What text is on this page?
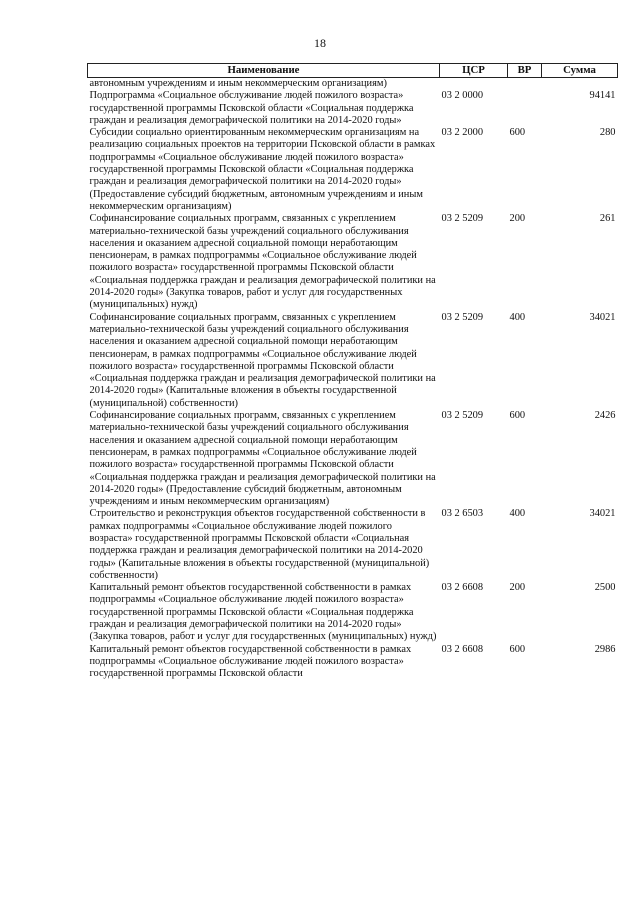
18
Наименование	ЦСР	ВР	Сумма
автономным учреждениям и иным некоммерческим организациям)			
Подпрограмма «Социальное обслуживание людей пожилого возраста» государственной программы Псковской области «Социальная поддержка граждан и реализация демографической политики на 2014-2020 годы»	03 2 0000		94141
Субсидии социально ориентированным некоммерческим организациям на реализацию социальных проектов на территории Псковской области в рамках подпрограммы «Социальное обслуживание людей пожилого возраста» государственной программы Псковской области «Социальная поддержка граждан и реализация демографической политики на 2014-2020 годы» (Предоставление субсидий бюджетным, автономным учреждениям и иным некоммерческим организациям)	03 2 2000	600	280
Софинансирование социальных программ, связанных с укреплением материально-технической базы учреждений социального обслуживания населения и оказанием адресной социальной помощи неработающим пенсионерам, в рамках подпрограммы «Социальное обслуживание людей пожилого возраста» государственной программы Псковской области «Социальная поддержка граждан и реализация демографической политики на 2014-2020 годы» (Закупка товаров, работ и услуг для государственных (муниципальных) нужд)	03 2 5209	200	261
Софинансирование социальных программ, связанных с укреплением материально-технической базы учреждений социального обслуживания населения и оказанием адресной социальной помощи неработающим пенсионерам, в рамках подпрограммы «Социальное обслуживание людей пожилого возраста» государственной программы Псковской области «Социальная поддержка граждан и реализация демографической политики на 2014-2020 годы» (Капитальные вложения в объекты государственной (муниципальной) собственности)	03 2 5209	400	34021
Софинансирование социальных программ, связанных с укреплением материально-технической базы учреждений социального обслуживания населения и оказанием адресной социальной помощи неработающим пенсионерам, в рамках подпрограммы «Социальное обслуживание людей пожилого возраста» государственной программы Псковской области «Социальная поддержка граждан и реализация демографической политики на 2014-2020 годы» (Предоставление субсидий бюджетным, автономным учреждениям и иным некоммерческим организациям)	03 2 5209	600	2426
Строительство и реконструкция объектов государственной собственности в рамках подпрограммы «Социальное обслуживание людей пожилого возраста» государственной программы Псковской области «Социальная поддержка граждан и реализация демографической политики на 2014-2020 годы» (Капитальные вложения в объекты государственной (муниципальной) собственности)	03 2 6503	400	34021
Капитальный ремонт объектов государственной собственности в рамках подпрограммы «Социальное обслуживание людей пожилого возраста» государственной программы Псковской области «Социальная поддержка граждан и реализация демографической политики на 2014-2020 годы» (Закупка товаров, работ и услуг для государственных (муниципальных) нужд)	03 2 6608	200	2500
Капитальный ремонт объектов государственной собственности в рамках подпрограммы «Социальное обслуживание людей пожилого возраста» государственной программы Псковской области	03 2 6608	600	2986
